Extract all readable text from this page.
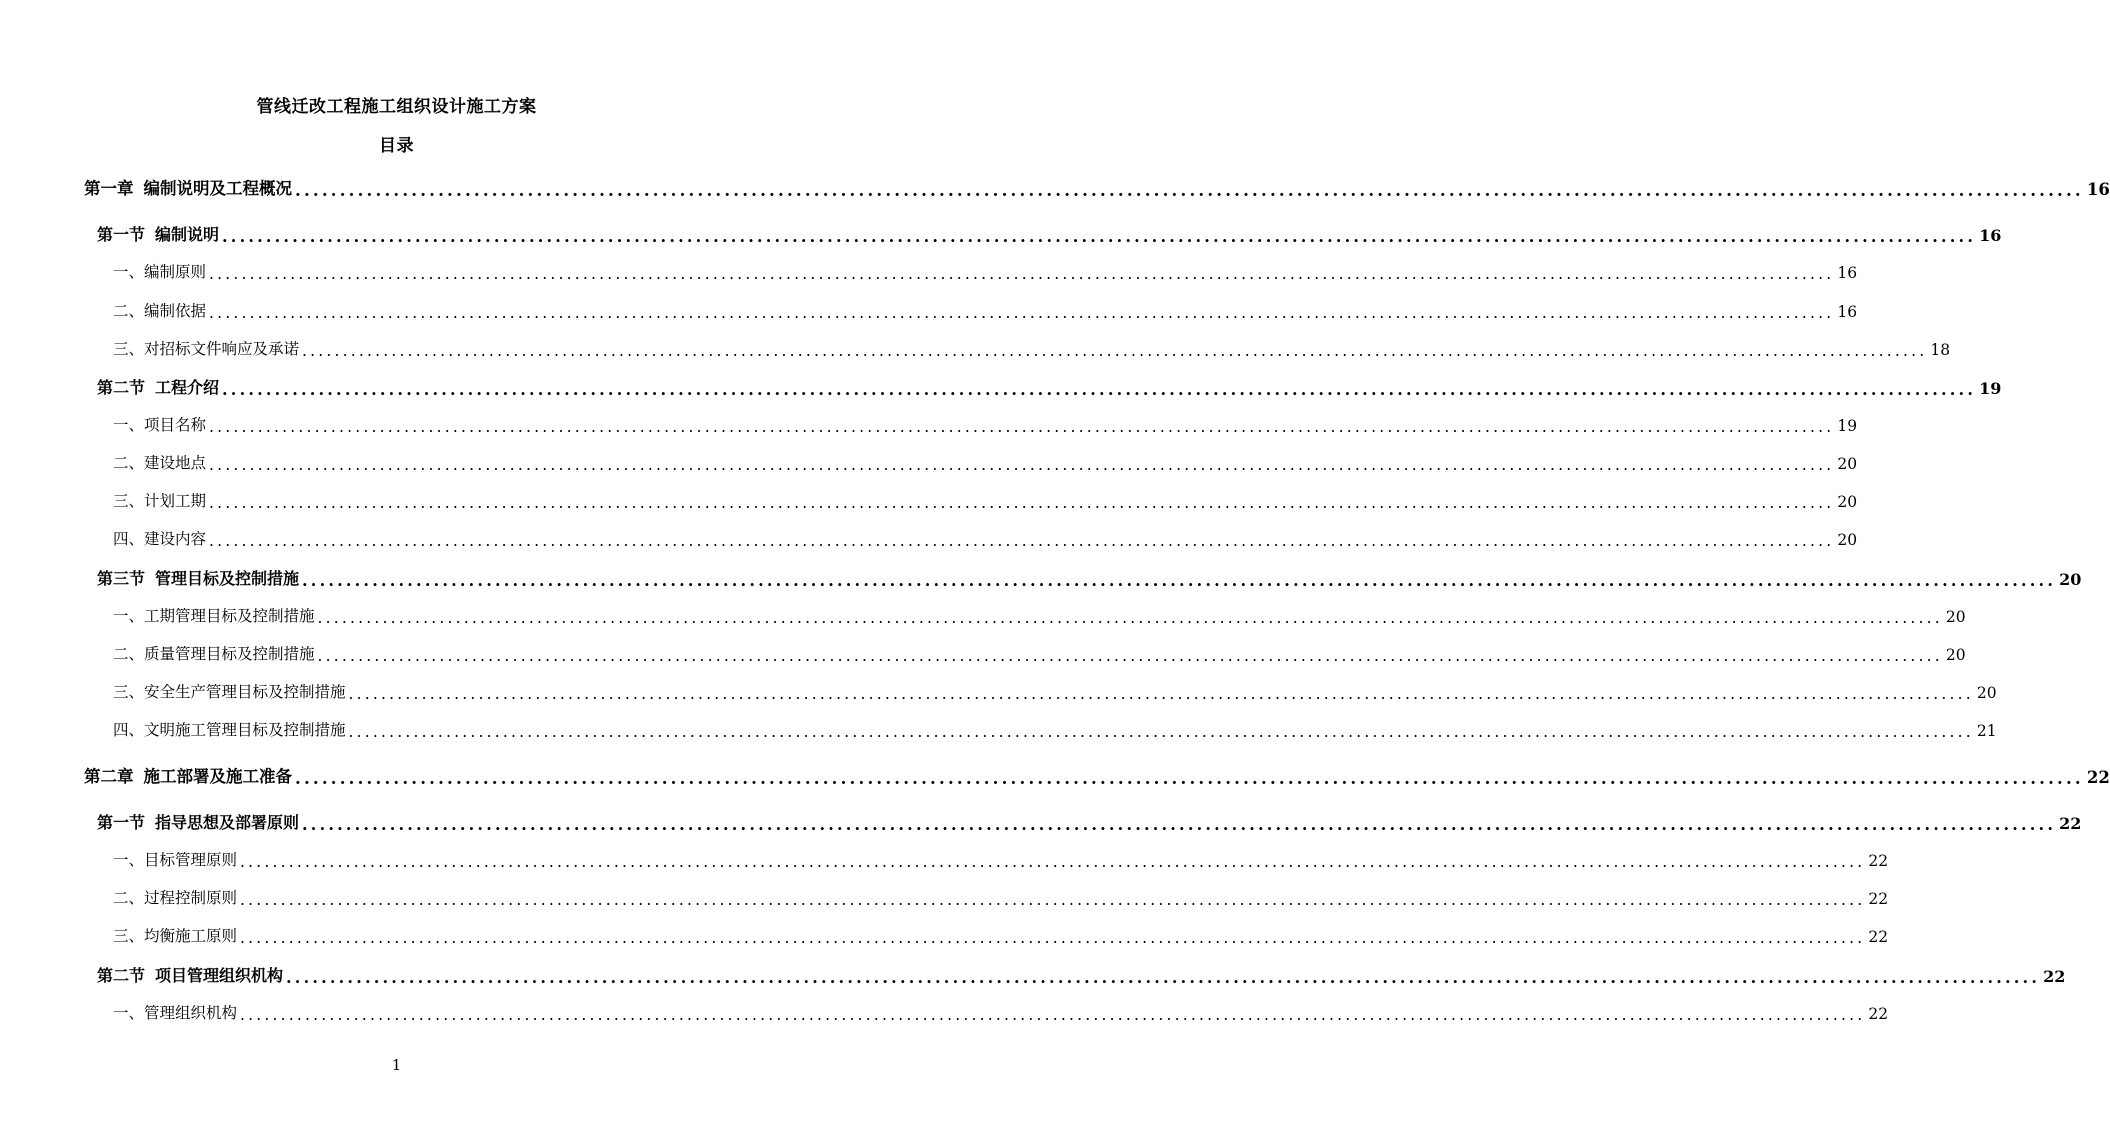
管线迁改工程施工组织设计施工方案
目录
第一章 编制说明及工程概况 ........................................................................................................................................................................................................ 16
第一节 编制说明 ........................................................................................................................................................................................................ 16
一、编制原则 ........................................................................................................................................................................................................ 16
二、编制依据 ........................................................................................................................................................................................................ 16
三、对招标文件响应及承诺 ........................................................................................................................................................................................................ 18
第二节 工程介绍 ........................................................................................................................................................................................................ 19
一、项目名称 ........................................................................................................................................................................................................ 19
二、建设地点 ........................................................................................................................................................................................................ 20
三、计划工期 ........................................................................................................................................................................................................ 20
四、建设内容 ........................................................................................................................................................................................................ 20
第三节 管理目标及控制措施 ........................................................................................................................................................................................................ 20
一、工期管理目标及控制措施 ........................................................................................................................................................................................................ 20
二、质量管理目标及控制措施 ........................................................................................................................................................................................................ 20
三、安全生产管理目标及控制措施 ........................................................................................................................................................................................................ 20
四、文明施工管理目标及控制措施 ........................................................................................................................................................................................................ 21
第二章 施工部署及施工准备 ........................................................................................................................................................................................................ 22
第一节 指导思想及部署原则 ........................................................................................................................................................................................................ 22
一、目标管理原则 ........................................................................................................................................................................................................ 22
二、过程控制原则 ........................................................................................................................................................................................................ 22
三、均衡施工原则 ........................................................................................................................................................................................................ 22
第二节 项目管理组织机构 ........................................................................................................................................................................................................ 22
一、管理组织机构 ........................................................................................................................................................................................................ 22
1
